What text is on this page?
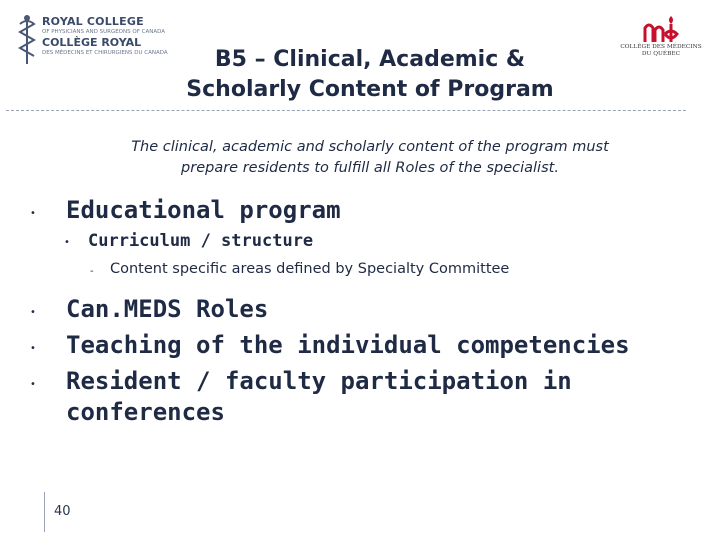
ROYAL COLLEGE
OF PHYSICIANS AND SURGEONS OF CANADA
COLLÈGE ROYAL
DES MÉDECINS ET CHIRURGIENS DU CANADA
COLLÈGE DES MÉDECINS
DU QUÉBEC
B5 – Clinical, Academic &
Scholarly Content of Program
The clinical, academic and scholarly content of the program must
prepare residents to fulfill all Roles of the specialist.
• Educational program
• Curriculum / structure
- Content specific areas defined by Specialty Committee
• Can.MEDS Roles
• Teaching of the individual competencies
• Resident / faculty participation in
conferences
40
